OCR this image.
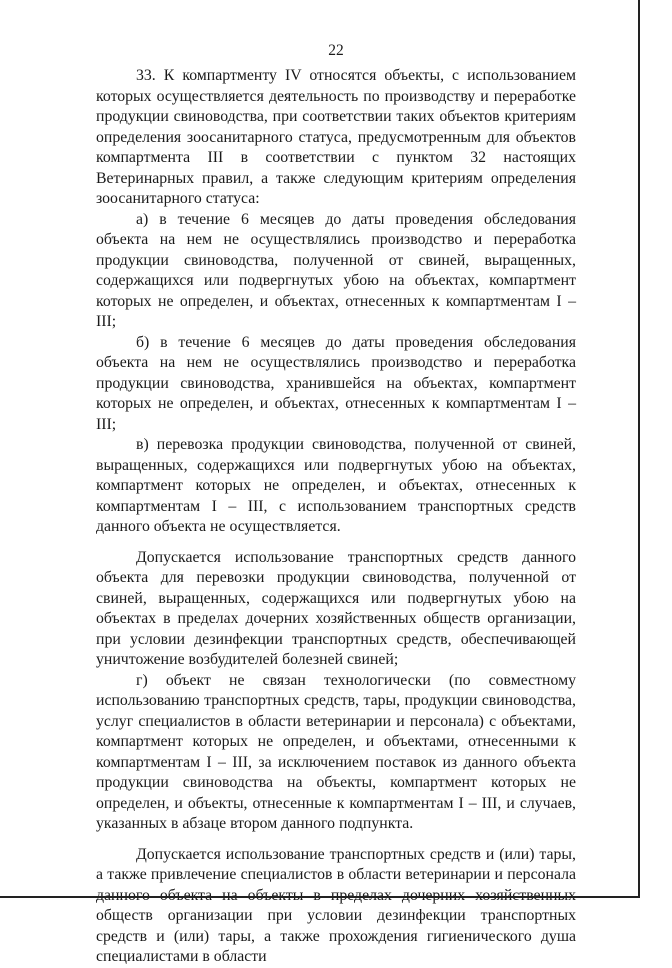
22

33. К компартменту IV относятся объекты, с использованием которых осуществляется деятельность по производству и переработке продукции свиноводства, при соответствии таких объектов критериям определения зоосанитарного статуса, предусмотренным для объектов компартмента III в соответствии с пунктом 32 настоящих Ветеринарных правил, а также следующим критериям определения зоосанитарного статуса:

а) в течение 6 месяцев до даты проведения обследования объекта на нем не осуществлялись производство и переработка продукции свиноводства, полученной от свиней, выращенных, содержащихся или подвергнутых убою на объектах, компартмент которых не определен, и объектах, отнесенных к компартментам I – III;

б) в течение 6 месяцев до даты проведения обследования объекта на нем не осуществлялись производство и переработка продукции свиноводства, хранившейся на объектах, компартмент которых не определен, и объектах, отнесенных к компартментам I – III;

в) перевозка продукции свиноводства, полученной от свиней, выращенных, содержащихся или подвергнутых убою на объектах, компартмент которых не определен, и объектах, отнесенных к компартментам I – III, с использованием транспортных средств данного объекта не осуществляется.

Допускается использование транспортных средств данного объекта для перевозки продукции свиноводства, полученной от свиней, выращенных, содержащихся или подвергнутых убою на объектах в пределах дочерних хозяйственных обществ организации, при условии дезинфекции транспортных средств, обеспечивающей уничтожение возбудителей болезней свиней;

г) объект не связан технологически (по совместному использованию транспортных средств, тары, продукции свиноводства, услуг специалистов в области ветеринарии и персонала) с объектами, компартмент которых не определен, и объектами, отнесенными к компартментам I – III, за исключением поставок из данного объекта продукции свиноводства на объекты, компартмент которых не определен, и объекты, отнесенные к компартментам I – III, и случаев, указанных в абзаце втором данного подпункта.

Допускается использование транспортных средств и (или) тары, а также привлечение специалистов в области ветеринарии и персонала данного объекта на объекты в пределах дочерних хозяйственных обществ организации при условии дезинфекции транспортных средств и (или) тары, а также прохождения гигиенического душа специалистами в области
